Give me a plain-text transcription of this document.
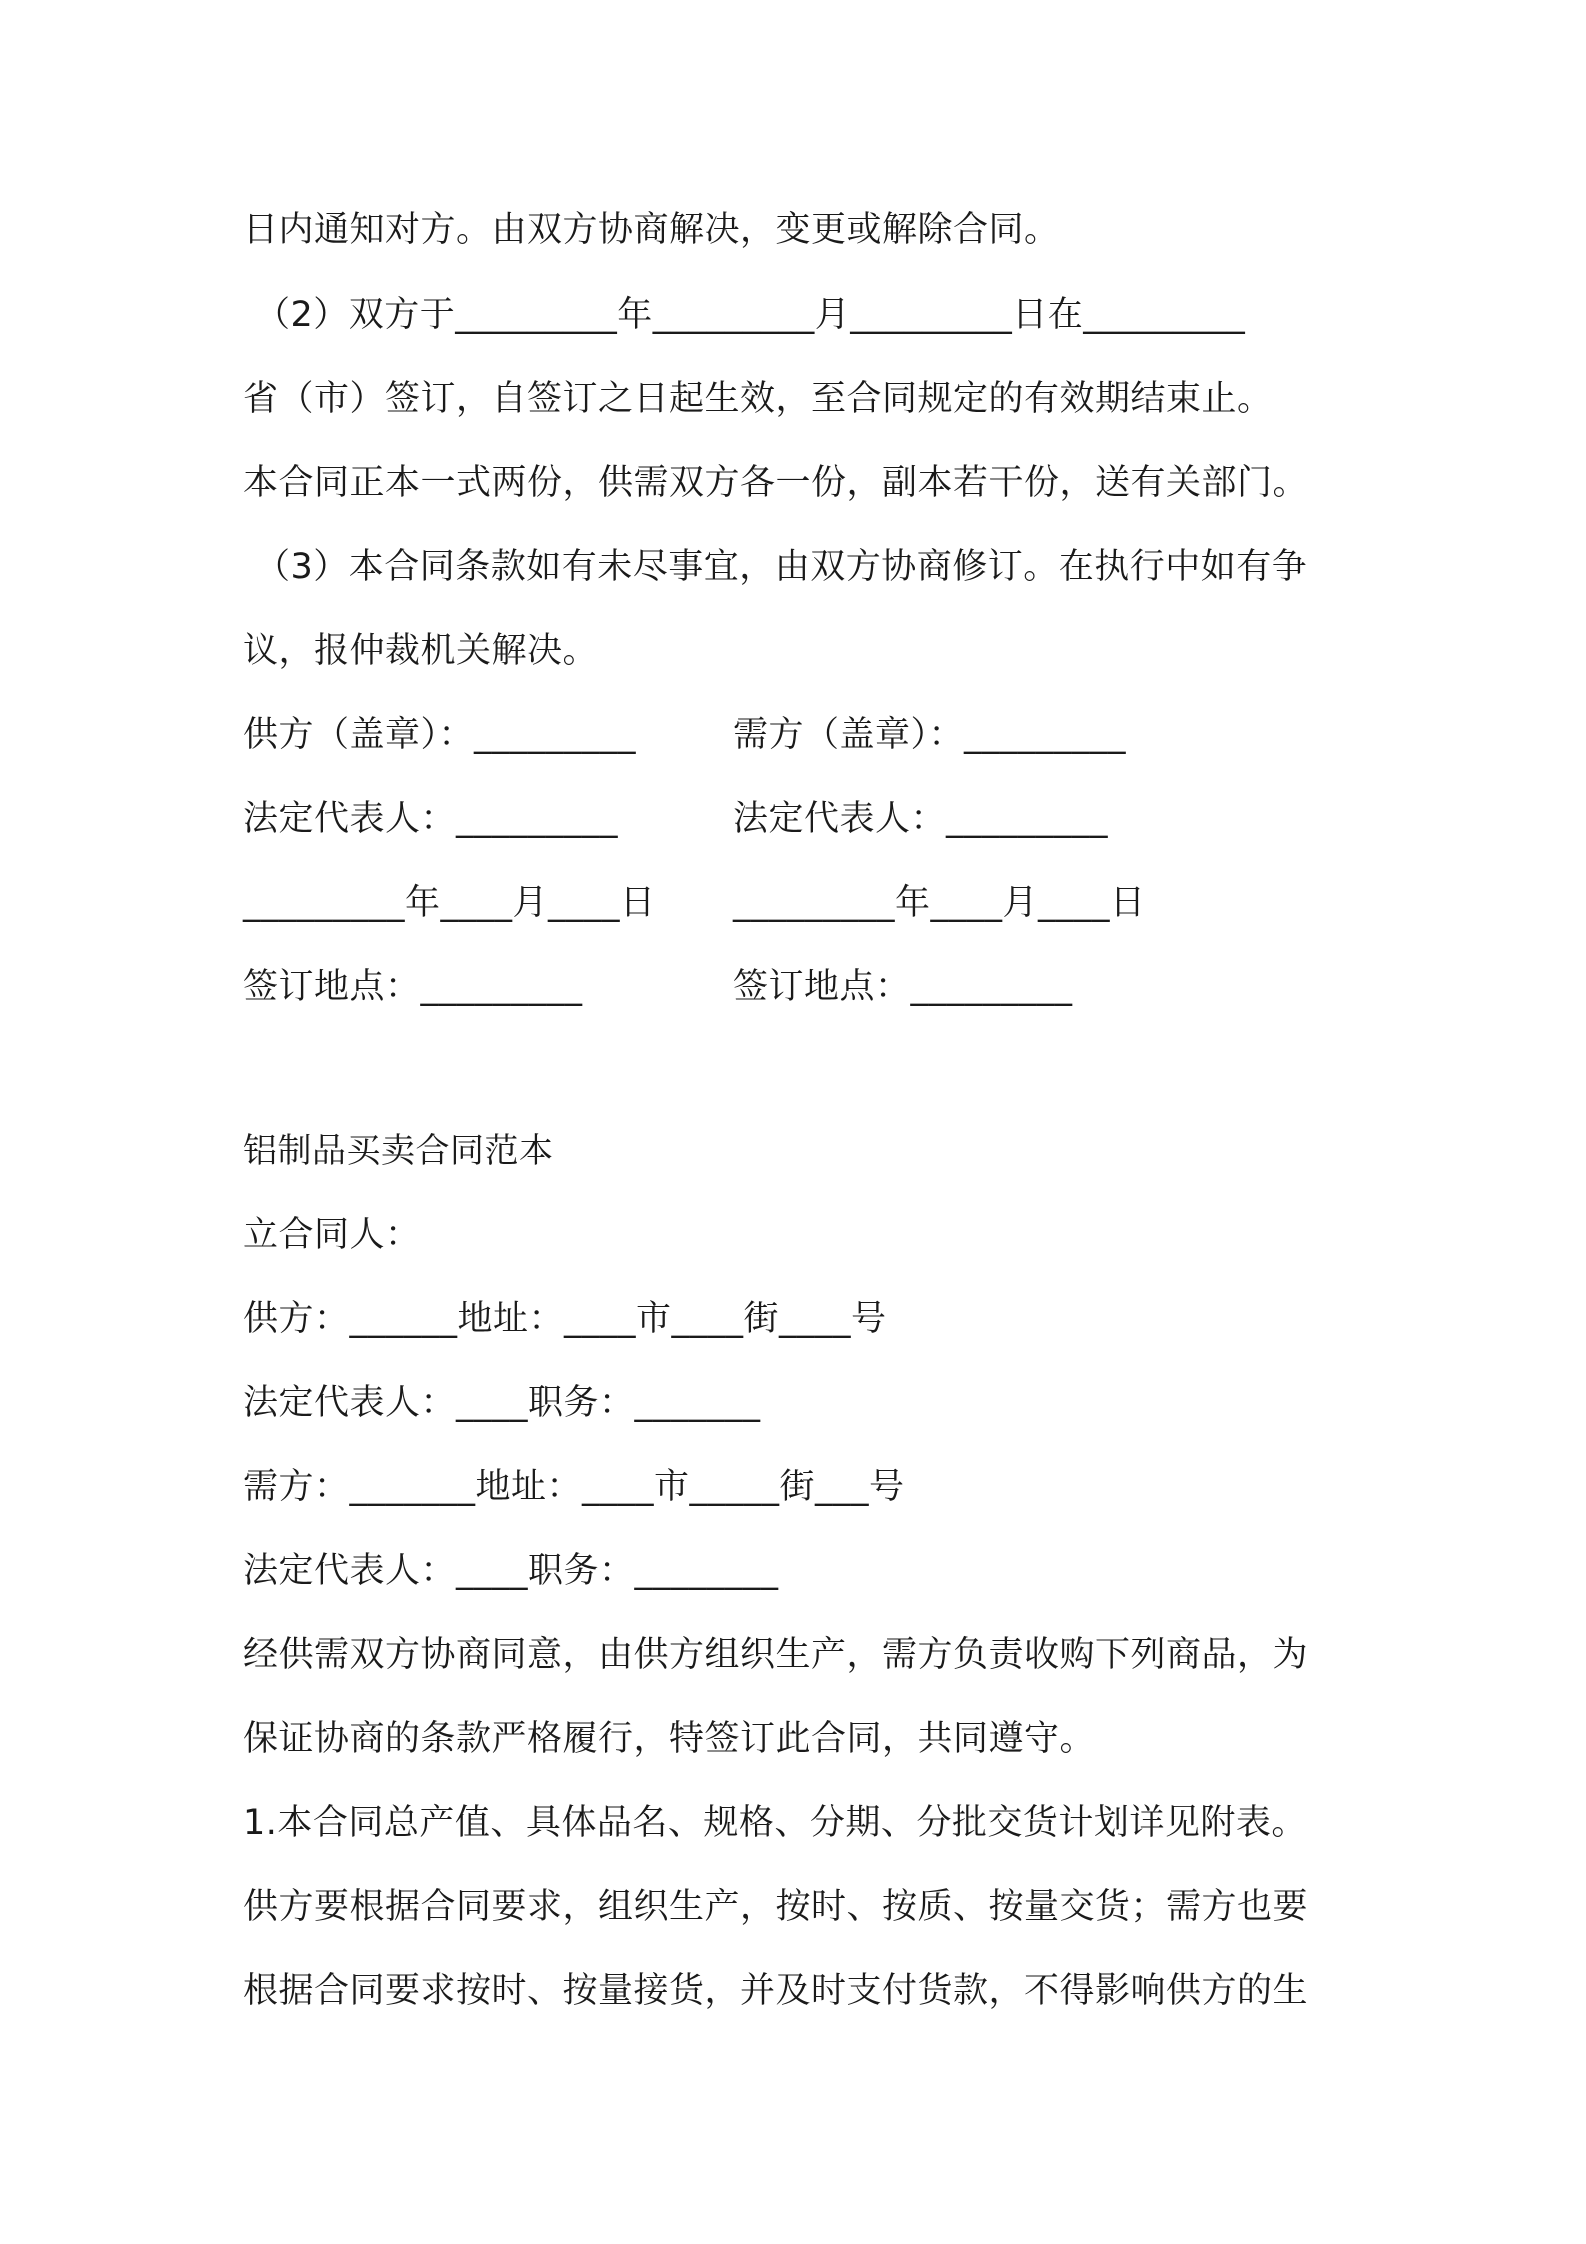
日内通知对方。由双方协商解决，变更或解除合同。
（2）双方于_________年_________月_________日在_________
省（市）签订，自签订之日起生效，至合同规定的有效期结束止。
本合同正本一式两份，供需双方各一份，副本若干份，送有关部门。
（3）本合同条款如有未尽事宜，由双方协商修订。在执行中如有争
议，报仲裁机关解决。
供方（盖章）：_________
法定代表人：_________
_________年____月____日
签订地点：_________
需方（盖章）：_________
法定代表人：_________
_________年____月____日
签订地点：_________
铝制品买卖合同范本
立合同人：
供方：______地址：____市____街____号
法定代表人：____职务：_______
需方：_______地址：____市_____街___号
法定代表人：____职务：________
经供需双方协商同意，由供方组织生产，需方负责收购下列商品，为
保证协商的条款严格履行，特签订此合同，共同遵守。
1.本合同总产值、具体品名、规格、分期、分批交货计划详见附表。
供方要根据合同要求，组织生产，按时、按质、按量交货；需方也要
根据合同要求按时、按量接货，并及时支付货款，不得影响供方的生
